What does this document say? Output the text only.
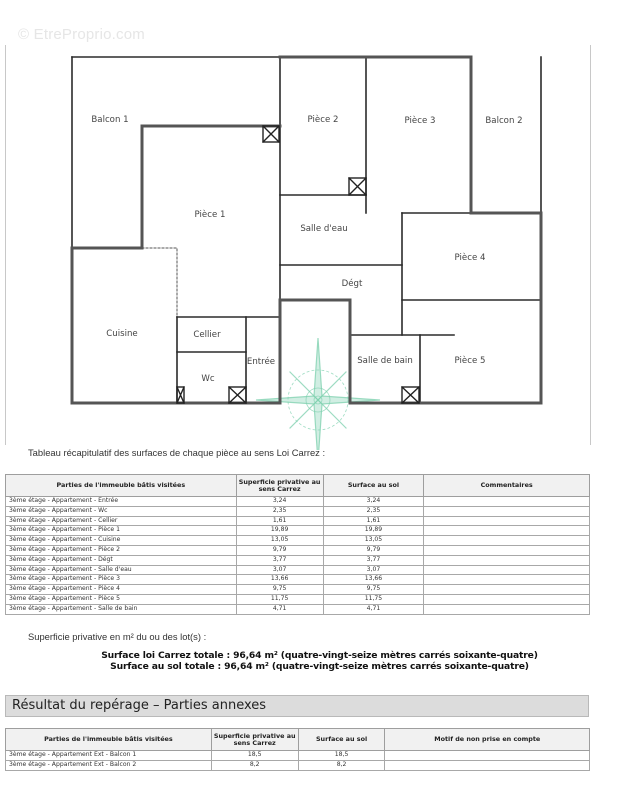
© EtreProprio.com
Balcon 1
Pièce 1
Pièce 2	Pièce 3	Balcon 2
Salle d'eau
Dégt
Pièce 4
Cuisine	Cellier
Entrée
Wc
Salle de bain	Pièce 5
Tableau récapitulatif des surfaces de chaque pièce au sens Loi Carrez :
Parties de l'immeuble bâtis visitées	Superficie privative au sens Carrez	Surface au sol	Commentaires
3ème étage - Appartement - Entrée	3,24	3,24	
3ème étage - Appartement - Wc	2,35	2,35	
3ème étage - Appartement - Cellier	1,61	1,61	
3ème étage - Appartement - Pièce 1	19,89	19,89	
3ème étage - Appartement - Cuisine	13,05	13,05	
3ème étage - Appartement - Pièce 2	9,79	9,79	
3ème étage - Appartement - Dégt	3,77	3,77	
3ème étage - Appartement - Salle d'eau	3,07	3,07	
3ème étage - Appartement - Pièce 3	13,66	13,66	
3ème étage - Appartement - Pièce 4	9,75	9,75	
3ème étage - Appartement - Pièce 5	11,75	11,75	
3ème étage - Appartement - Salle de bain	4,71	4,71	
Superficie privative en m² du ou des lot(s) :
Surface loi Carrez totale : 96,64 m² (quatre-vingt-seize mètres carrés soixante-quatre)
Surface au sol totale : 96,64 m² (quatre-vingt-seize mètres carrés soixante-quatre)
Résultat du repérage – Parties annexes
Parties de l'immeuble bâtis visitées	Superficie privative au sens Carrez	Surface au sol	Motif de non prise en compte
3ème étage - Appartement Ext - Balcon 1	18,5	18,5	
3ème étage - Appartement Ext - Balcon 2	8,2	8,2	
